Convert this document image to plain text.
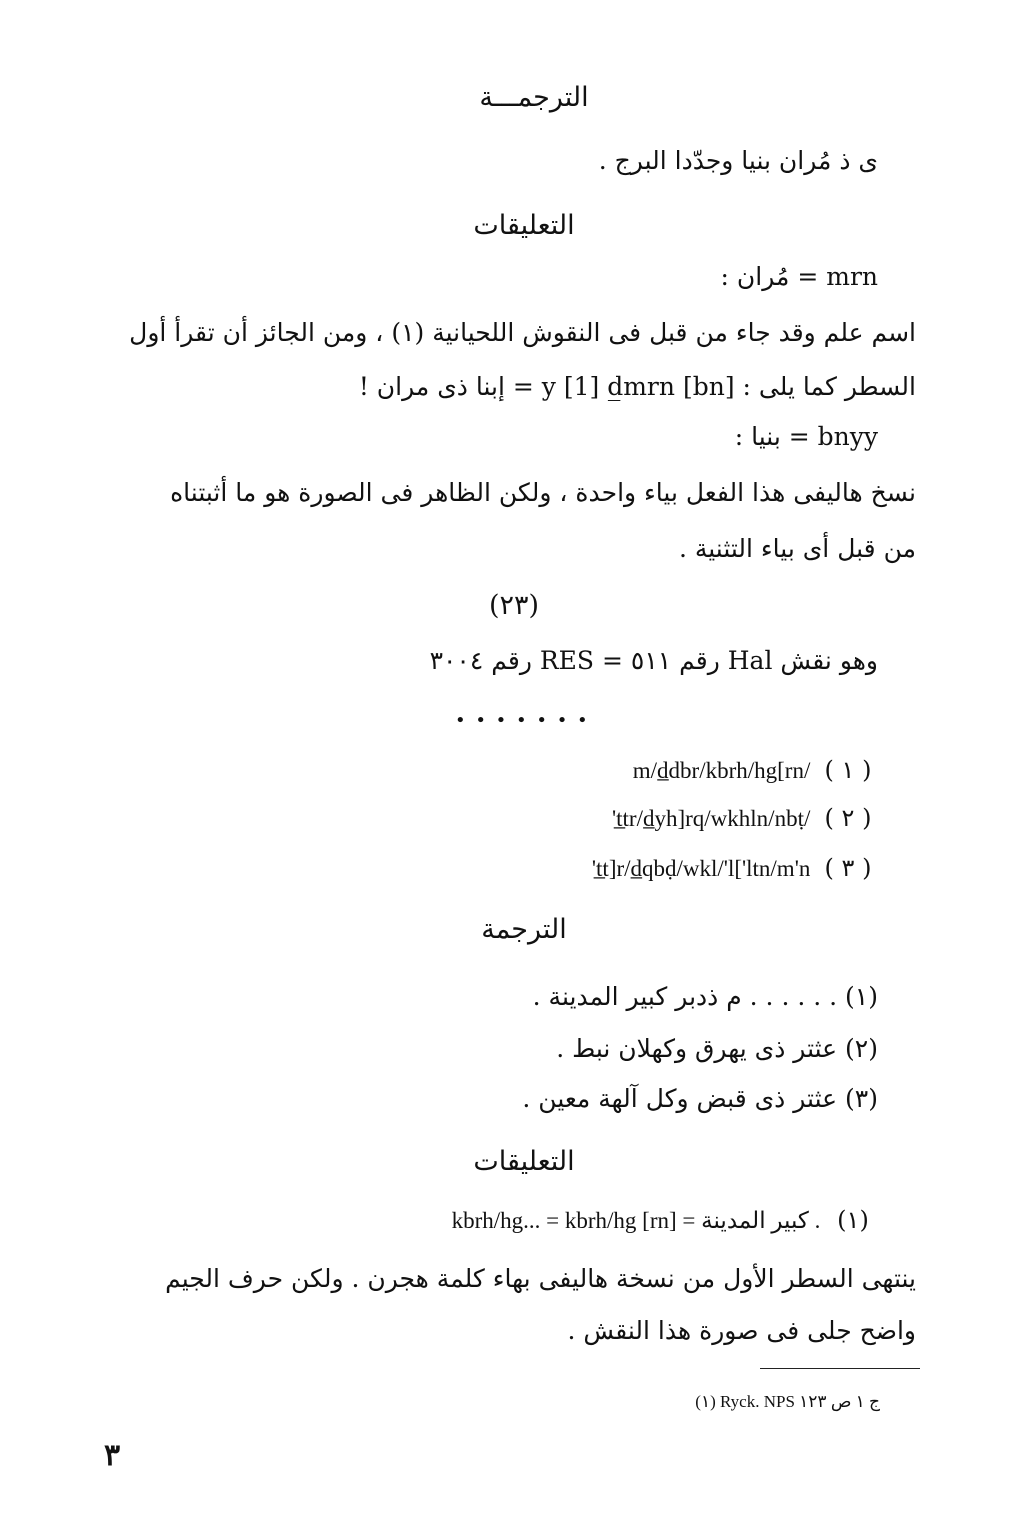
الترجمـــة
ى ذ مُران بنيا وجدّدا البرج .
التعليقات
mrn = مُران :
اسم علم وقد جاء من قبل فى النقوش اللحيانية (١) ، ومن الجائز أن تقرأ أول
السطر كما يلى : [bn] y [1] d̲mrn = إبنا ذى مران !
bnyy = بنيا :
نسخ هاليفى هذا الفعل بياء واحدة ، ولكن الظاهر فى الصورة هو ما أثبتناه
من قبل أى بياء التثنية .
(٢٣)
وهو نقش Hal رقم ٥١١ = RES رقم ٣٠٠٤
• • • • • • •
m/d̲dbr/kbrh/hg[rn/ ( ١ )
't̲tr/d̲yh]rq/wkhln/nbṭ/ ( ٢ )
't̲t]r/d̲qbḍ/wkl/'l['ltn/m'n ( ٣ )
الترجمة
(١) . . . . . . م ذدبر كبير المدينة .
(٢) عثتر ذى يهرق وكهلان نبط .
(٣) عثتر ذى قبض وكل آلهة معين .
التعليقات
kbrh/hg... = kbrh/hg [rn] = كبير المدينة . (١)
ينتهى السطر الأول من نسخة هاليفى بهاء كلمة هجرن . ولكن حرف الجيم
واضح جلى فى صورة هذا النقش .
(١) Ryck. NPS ج ١ ص ١٢٣
٣
